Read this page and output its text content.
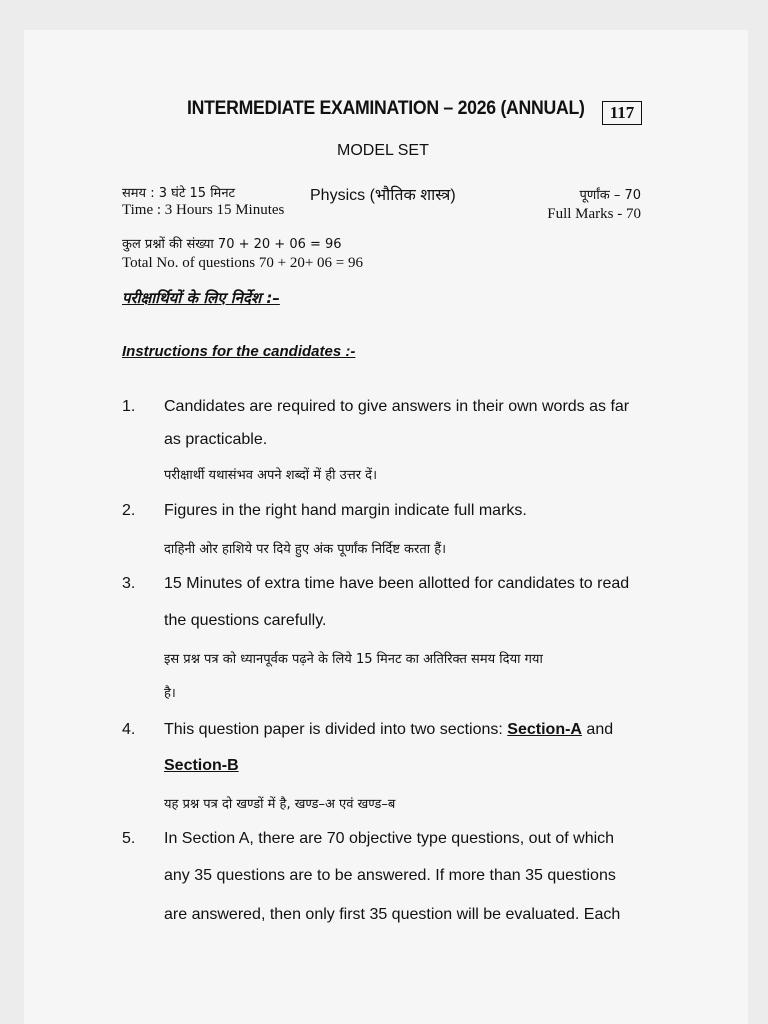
INTERMEDIATE EXAMINATION – 2026 (ANNUAL)	117
MODEL SET
समय : 3 घंटे 15 मिनट
Time : 3 Hours 15 Minutes
Physics (भौतिक शास्त्र)	पूर्णांक – 70
Full Marks - 70
कुल प्रश्नों की संख्या 70 + 20 + 06 = 96
Total No. of questions 70 + 20+ 06 = 96
परीक्षार्थियों के लिए निर्देश :–
Instructions for the candidates :-
1. Candidates are required to give answers in their own words as far
as practicable.
परीक्षार्थी यथासंभव अपने शब्दों में ही उत्तर दें।
2. Figures in the right hand margin indicate full marks.
दाहिनी ओर हाशिये पर दिये हुए अंक पूर्णांक निर्दिष्ट करता हैं।
3. 15 Minutes of extra time have been allotted for candidates to read
the questions carefully.
इस प्रश्न पत्र को ध्यानपूर्वक पढ़ने के लिये 15 मिनट का अतिरिक्त समय दिया गया
है।
4. This question paper is divided into two sections: Section-A and
Section-B
यह प्रश्न पत्र दो खण्डों में है, खण्ड–अ एवं खण्ड–ब
5. In Section A, there are 70 objective type questions, out of which
any 35 questions are to be answered. If more than 35 questions
are answered, then only first 35 question will be evaluated. Each
